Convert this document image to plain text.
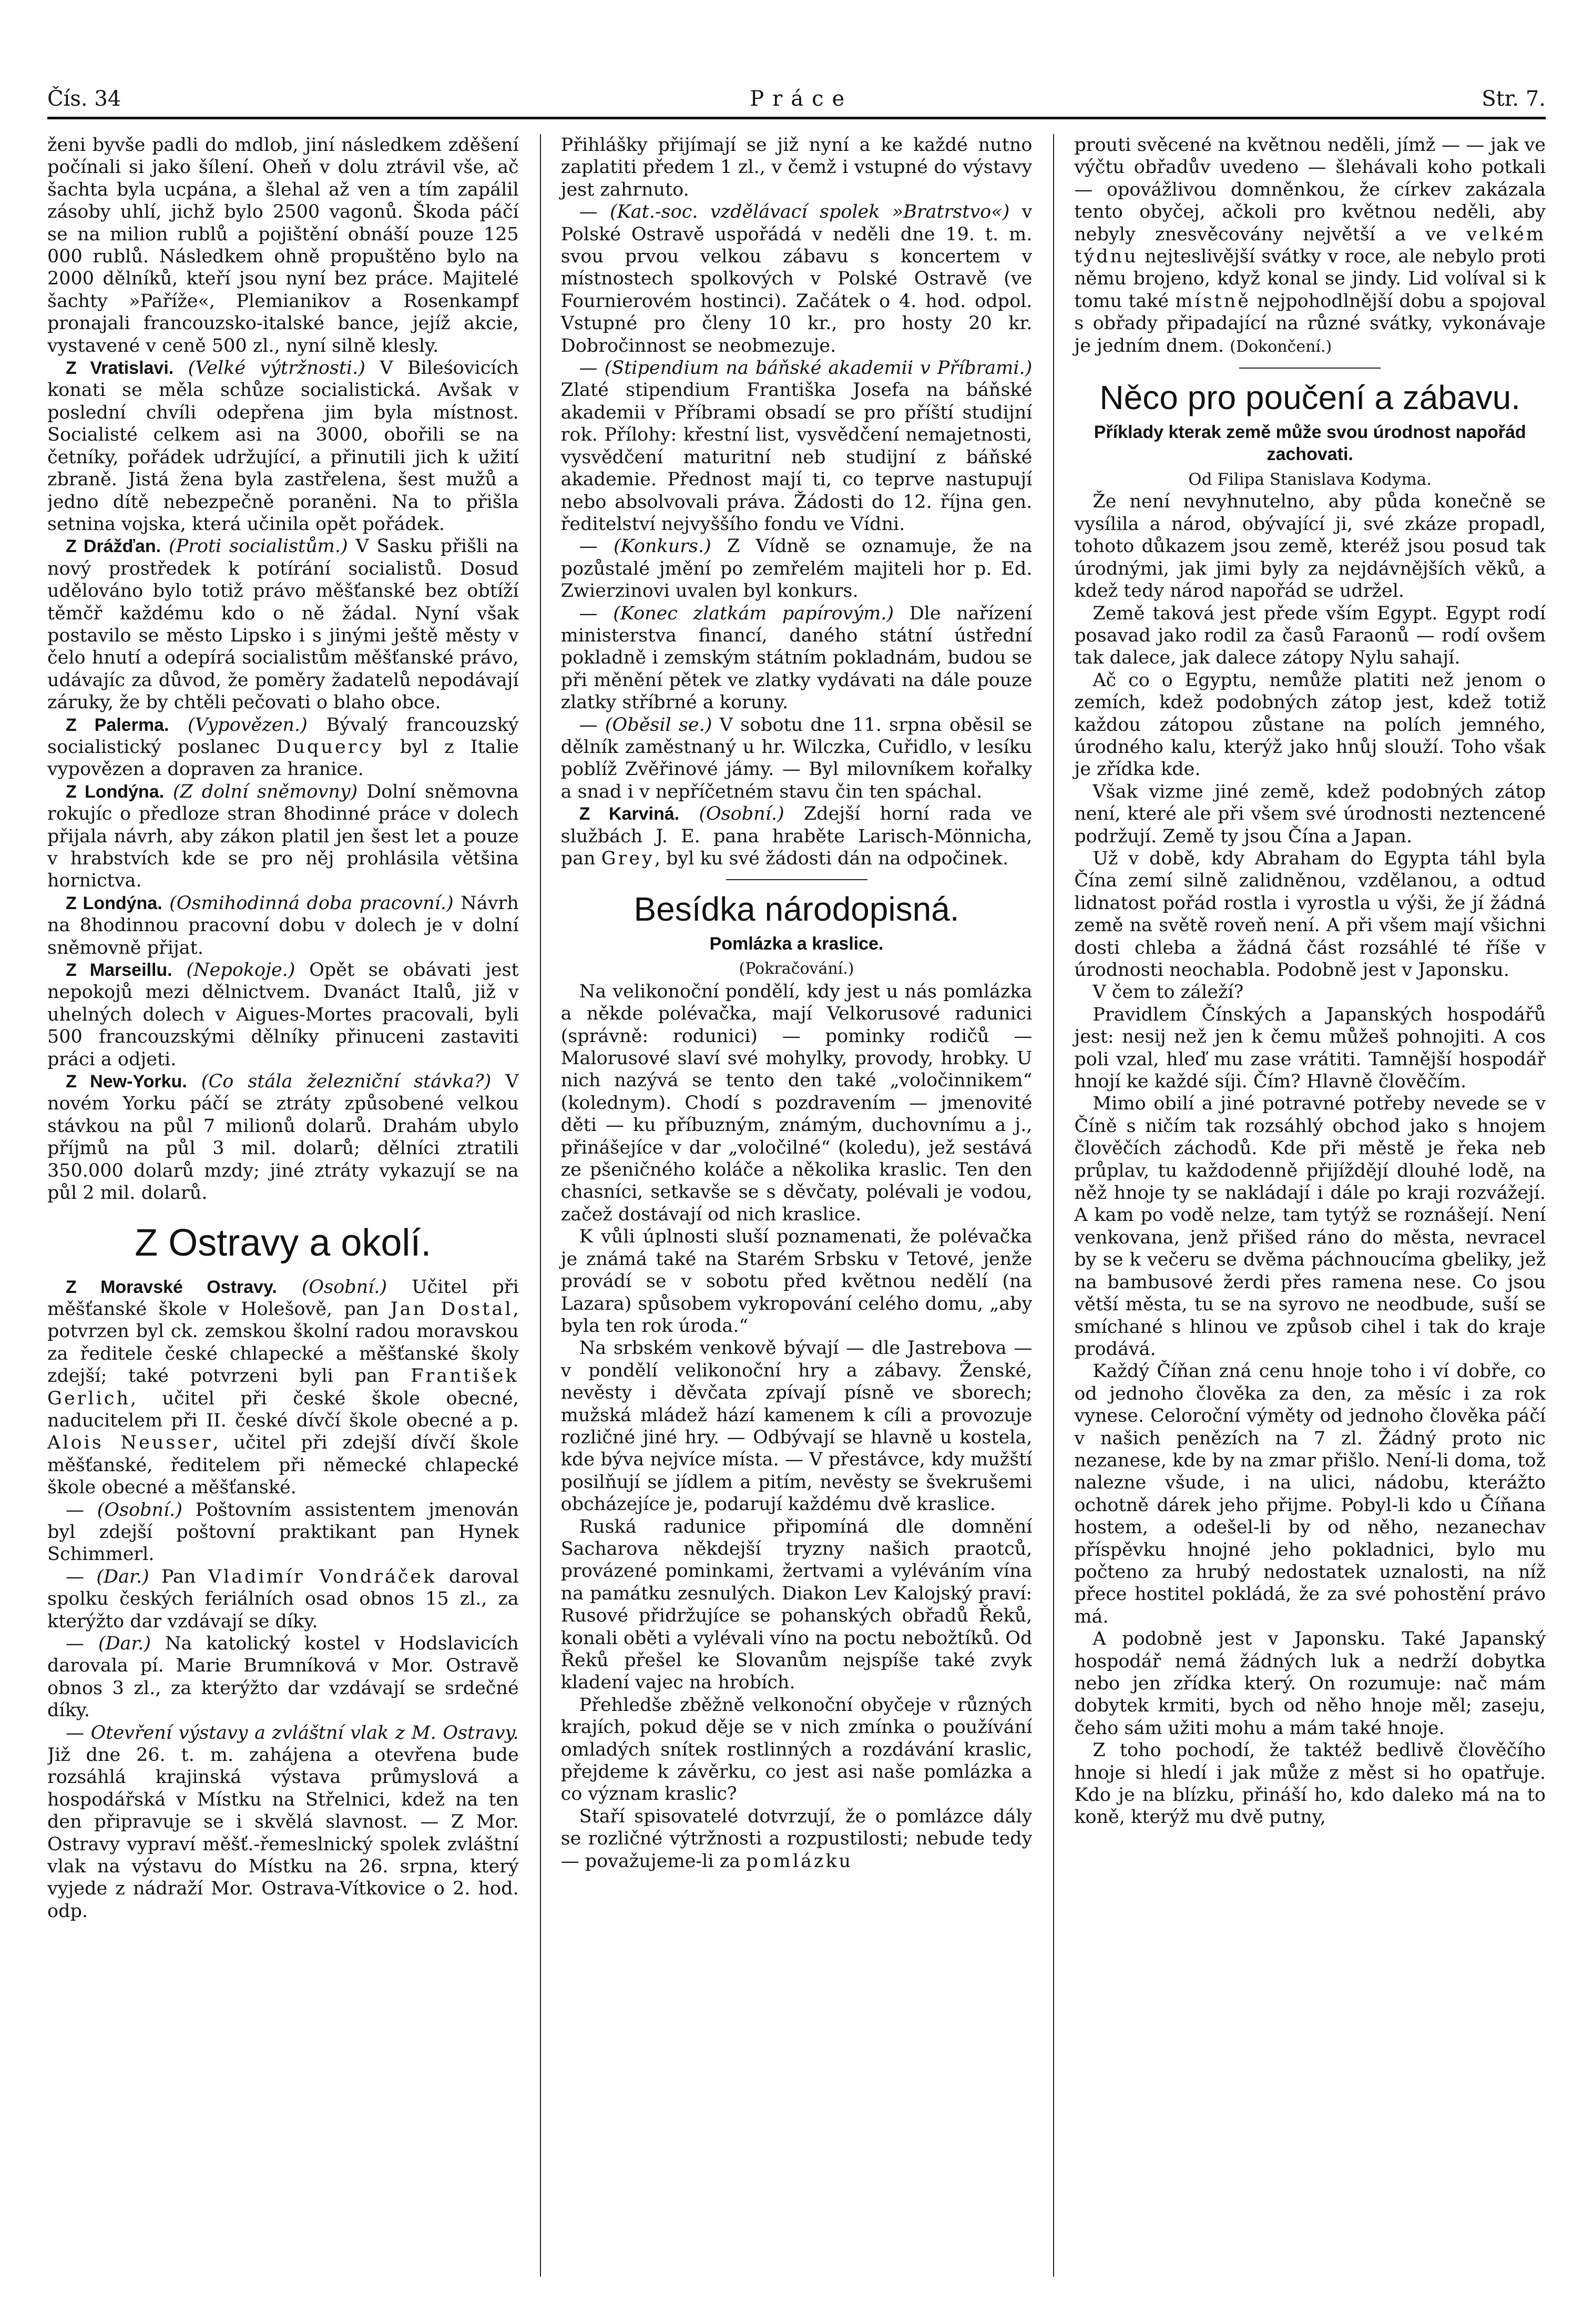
Čís. 34	Práce	Str. 7.

ženi byvše padli do mdlob, jiní následkem zděšení počínali si jako šílení. Oheň v dolu ztrávil vše, ač šachta byla ucpána, a šlehal až ven a tím zapálil zásoby uhlí, jichž bylo 2500 vagonů. Škoda páčí se na milion rublů a pojištění obnáší pouze 125 000 rublů. Následkem ohně propuštěno bylo na 2000 dělníků, kteří jsou nyní bez práce. Majitelé šachty »Paříže«, Plemianikov a Rosenkampf pronajali francouzsko-italské bance, jejíž akcie, vystavené v ceně 500 zl., nyní silně klesly.

 Z Vratislavi. (Velké výtržnosti.) V Bileśovicích konati se měla schůze socialistická. Avšak v poslední chvíli odepřena jim byla místnost. Socialisté celkem asi na 3000, obořili se na četníky, pořádek udržující, a přinutili jich k užití zbraně. Jistá žena byla zastřelena, šest mužů a jedno dítě nebezpečně poraněni. Na to přišla setnina vojska, která učinila opět pořádek.

 Z Drážďan. (Proti socialistům.) V Sasku přišli na nový prostředek k potírání socialistů. Dosud udělováno bylo totiž právo měšťanské bez obtíží těmčř každému kdo o ně žádal. Nyní však postavilo se město Lipsko i s jinými ještě městy v čelo hnutí a odepírá socialistům měšťanské právo, udávajíc za důvod, že poměry žadatelů nepodávají záruky, že by chtěli pečovati o blaho obce.

 Z Palerma. (Vypovězen.) Bývalý francouzský socialistický poslanec Duquercy byl z Italie vypovězen a dopraven za hranice.

 Z Londýna. (Z dolní sněmovny) Dolní sněmovna rokujíc o předloze stran 8hodinné práce v dolech přijala návrh, aby zákon platil jen šest let a pouze v hrabstvích kde se pro něj prohlásila většina hornictva.

 Z Londýna. (Osmihodinná doba pracovní.) Návrh na 8hodinnou pracovní dobu v dolech je v dolní sněmovně přijat.

 Z Marseillu. (Nepokoje.) Opět se obávati jest nepokojů mezi dělnictvem. Dvanáct Italů, již v uhelných dolech v Aigues-Mortes pracovali, byli 500 francouzskými dělníky přinuceni zastaviti práci a odjeti.

 Z New-Yorku. (Co stála železniční stávka?) V novém Yorku páčí se ztráty způsobené velkou stávkou na půl 7 milionů dolarů. Drahám ubylo příjmů na půl 3 mil. dolarů; dělníci ztratili 350.000 dolarů mzdy; jiné ztráty vykazují se na půl 2 mil. dolarů.

Z Ostravy a okolí.

 Z Moravské Ostravy. (Osobní.) Učitel při měšťanské škole v Holešově, pan Jan Dostal, potvrzen byl ck. zemskou školní radou moravskou za ředitele české chlapecké a měšťanské školy zdejší; také potvrzeni byli pan František Gerlich, učitel při české škole obecné, naducitelem při II. české dívčí škole obecné a p. Alois Neusser, učitel při zdejší dívčí škole měšťanské, ředitelem při německé chlapecké škole obecné a měšťanské.

 — (Osobní.) Poštovním assistentem jmenován byl zdejší poštovní praktikant pan Hynek Schimmerl.

 — (Dar.) Pan Vladimír Vondráček daroval spolku českých feriálních osad obnos 15 zl., za kterýžto dar vzdávají se díky.

 — (Dar.) Na katolický kostel v Hodslavicích darovala pí. Marie Brumníková v Mor. Ostravě obnos 3 zl., za kterýžto dar vzdávají se srdečné díky.

 — Otevření výstavy a zvláštní vlak z M. Ostravy. Již dne 26. t. m. zahájena a otevřena bude rozsáhlá krajinská výstava průmyslová a hospodářská v Místku na Střelnici, kdež na ten den připravuje se i skvělá slavnost. — Z Mor. Ostravy vypraví měšť.-řemeslnický spolek zvláštní vlak na výstavu do Místku na 26. srpna, který vyjede z nádraží Mor. Ostrava-Vítkovice o 2. hod. odp.

Přihlášky přijímají se již nyní a ke každé nutno zaplatiti předem 1 zl., v čemž i vstupné do výstavy jest zahrnuto.

 — (Kat.-soc. vzdělávací spolek »Bratrstvo«) v Polské Ostravě uspořádá v neděli dne 19. t. m. svou prvou velkou zábavu s koncertem v místnostech spolkových v Polské Ostravě (ve Fournierovém hostinci). Začátek o 4. hod. odpol. Vstupné pro členy 10 kr., pro hosty 20 kr. Dobročinnost se neobmezuje.

 — (Stipendium na báňské akademii v Příbrami.) Zlaté stipendium Františka Josefa na báňské akademii v Příbrami obsadí se pro příští studijní rok. Přílohy: křestní list, vysvědčení nemajetnosti, vysvědčení maturitní neb studijní z báňské akademie. Přednost mají ti, co teprve nastupují nebo absolvovali práva. Žádosti do 12. října gen. ředitelství nejvyššího fondu ve Vídni.

 — (Konkurs.) Z Vídně se oznamuje, že na pozůstalé jmění po zemřelém majiteli hor p. Ed. Zwierzinovi uvalen byl konkurs.

 — (Konec zlatkám papírovým.) Dle nařízení ministerstva financí, daného státní ústřední pokladně i zemským státním pokladnám, budou se při měnění pětek ve zlatky vydávati na dále pouze zlatky stříbrné a koruny.

 — (Oběsil se.) V sobotu dne 11. srpna oběsil se dělník zaměstnaný u hr. Wilczka, Cuřidlo, v lesíku poblíž Zvěřinové jámy. — Byl milovníkem kořalky a snad i v nepříčetném stavu čin ten spáchal.

 Z Karviná. (Osobní.) Zdejší horní rada ve službách J. E. pana hraběte Larisch-Mönnicha, pan Grey, byl ku své žádosti dán na odpočinek.

Besídka národopisná.
Pomlázka a kraslice.

(Pokračování.)

 Na velikonoční pondělí, kdy jest u nás pomlázka a někde polévačka, mají Velkorusové radunici (správně: rodunici) — pominky rodičů — Malorusové slaví své mohylky, provody, hrobky. U nich nazývá se tento den také „voločinnikem“ (kolednym). Chodí s pozdravením — jmenovité děti — ku příbuzným, známým, duchovnímu a j., přinášejíce v dar „voločilné“ (koledu), jež sestává ze pšeničného koláče a několika kraslic. Ten den chasníci, setkavše se s děvčaty, polévali je vodou, začež dostávají od nich kraslice.

 K vůli úplnosti sluší poznamenati, že polévačka je známá také na Starém Srbsku v Tetové, jenže provádí se v sobotu před květnou nedělí (na Lazara) spůsobem vykropování celého domu, „aby byla ten rok úroda.“

 Na srbském venkově bývají — dle Jastrebova — v pondělí velikonoční hry a zábavy. Ženské, nevěsty i děvčata zpívají písně ve sborech; mužská mládež hází kamenem k cíli a provozuje rozličné jiné hry. — Odbývají se hlavně u kostela, kde býva nejvíce místa. — V přestávce, kdy mužští posilňují se jídlem a pitím, nevěsty se švekrušemi obcházejíce je, podarují každému dvě kraslice.

 Ruská radunice připomíná dle domnění Sacharova někdejší tryzny našich praotců, provázené pominkami, žertvami a vyléváním vína na památku zesnulých. Diakon Lev Kalojský praví: Rusové přidržujíce se pohanských obřadů Řeků, konali oběti a vylévali víno na poctu nebožtíků. Od Řeků přešel ke Slovanům nejspíše také zvyk kladení vajec na hrobích.

 Přehledše zběžně velkonoční obyčeje v různých krajích, pokud děje se v nich zmínka o používání omladých snítek rostlinných a rozdávání kraslic, přejdeme k závěrku, co jest asi naše pomlázka a co význam kraslic?

 Staří spisovatelé dotvrzují, že o pomlázce dály se rozličné výtržnosti a rozpustilosti; nebude tedy — považujeme-li za pomlázku

prouti svěcené na květnou neděli, jímž — — jak ve výčtu obřadův uvedeno — šlehávali koho potkali — opovážlivou domněnkou, že církev zakázala tento obyčej, ačkoli pro květnou neděli, aby nebyly znesvěcovány největší a ve velkém týdnu nejteslivější svátky v roce, ale nebylo proti němu brojeno, když konal se jindy. Lid volíval si k tomu také místně nejpohodlnější dobu a spojoval s obřady připadající na různé svátky, vykonávaje je jedním dnem. (Dokončení.)

Něco pro poučení a zábavu.
Příklady kterak země může svou úrodnost napořád zachovati.

Od Filipa Stanislava Kodyma.

 Že není nevyhnutelno, aby půda konečně se vysílila a národ, obývající ji, své zkáze propadl, tohoto důkazem jsou země, kteréž jsou posud tak úrodnými, jak jimi byly za nejdávnějších věků, a kdež tedy národ napořád se udržel.

 Země taková jest přede vším Egypt. Egypt rodí posavad jako rodil za časů Faraonů — rodí ovšem tak dalece, jak dalece zátopy Nylu sahají.

 Ač co o Egyptu, nemůže platiti než jenom o zemích, kdež podobných zátop jest, kdež totiž každou zátopou zůstane na polích jemného, úrodného kalu, kterýž jako hnůj slouží. Toho však je zřídka kde.

 Však vizme jiné země, kdež podobných zátop není, které ale při všem své úrodnosti neztencené podržují. Země ty jsou Čína a Japan.

 Už v době, kdy Abraham do Egypta táhl byla Čína zemí silně zalidněnou, vzdělanou, a odtud lidnatost pořád rostla i vyrostla u výši, že jí žádná země na světě roveň není. A při všem mají všichni dosti chleba a žádná část rozsáhlé té říše v úrodnosti neochabla. Podobně jest v Japonsku.

 V čem to záleží?

 Pravidlem Čínských a Japanských hospodářů jest: nesij než jen k čemu můžeš pohnojiti. A cos poli vzal, hleď mu zase vrátiti. Tamnější hospodář hnojí ke každé síji. Čím? Hlavně člověčím.

 Mimo obilí a jiné potravné potřeby nevede se v Číně s ničím tak rozsáhlý obchod jako s hnojem člověčích záchodů. Kde při městě je řeka neb průplav, tu každodenně přijíždějí dlouhé lodě, na něž hnoje ty se nakládají i dále po kraji rozvážejí. A kam po vodě nelze, tam tytýž se roznášejí. Není venkovana, jenž přišed ráno do města, nevracel by se k večeru se dvěma páchnoucíma gbeliky, jež na bambusové žerdi přes ramena nese. Co jsou větší města, tu se na syrovo ne neodbude, suší se smíchané s hlinou ve způsob cihel i tak do kraje prodává.

 Každý Číňan zná cenu hnoje toho i ví dobře, co od jednoho člověka za den, za měsíc i za rok vynese. Celoroční výměty od jednoho člověka páčí v našich penězích na 7 zl. Žádný proto nic nezanese, kde by na zmar přišlo. Není-li doma, tož nalezne všude, i na ulici, nádobu, kterážto ochotně dárek jeho přijme. Pobyl-li kdo u Číňana hostem, a odešel-li by od něho, nezanechav příspěvku hnojné jeho pokladnici, bylo mu počteno za hrubý nedostatek uznalosti, na níž přece hostitel pokládá, že za své pohostění právo má.

 A podobně jest v Japonsku. Také Japanský hospodář nemá žádných luk a nedrží dobytka nebo jen zřídka který. On rozumuje: nač mám dobytek krmiti, bych od něho hnoje měl; zaseju, čeho sám užiti mohu a mám také hnoje.

 Z toho pochodí, že taktéž bedlivě člověčího hnoje si hledí i jak může z měst si ho opatřuje. Kdo je na blízku, přináší ho, kdo daleko má na to koně, kterýž mu dvě putny,
